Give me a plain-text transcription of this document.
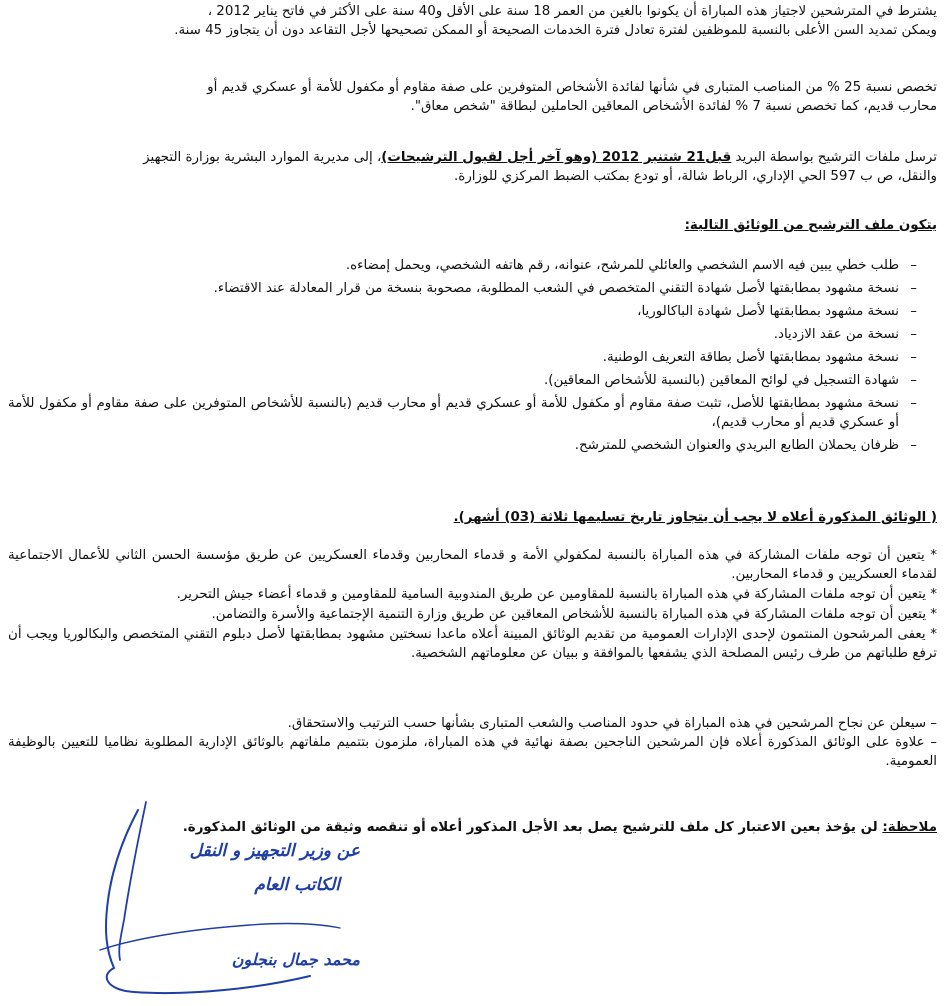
يشترط في المترشحين لاجتياز هذه المباراة أن يكونوا بالغين من العمر 18 سنة على الأقل و40 سنة على الأكثر في فاتح يناير 2012 ،

ويمكن تمديد السن الأعلى بالنسبة للموظفين لفترة تعادل فترة الخدمات الصحيحة أو الممكن تصحيحها لأجل التقاعد دون أن يتجاوز 45 سنة.

تخصص نسبة 25 % من المناصب المتبارى في شأنها لفائدة الأشخاص المتوفرين على صفة مقاوم أو مكفول للأمة أو عسكري قديم أو

محارب قديم، كما تخصص نسبة 7 % لفائدة الأشخاص المعاقين الحاملين لبطاقة "شخص معاق".

ترسل ملفات الترشيح بواسطة البريد قبل21 شتنبر 2012 (وهو آخر أجل لقبول الترشيحات)، إلى مديرية الموارد البشرية بوزارة التجهيز

والنقل، ص ب 597 الحي الإداري، الرباط شالة، أو تودع بمكتب الضبط المركزي للوزارة.

يتكون ملف الترشيح من الوثائق التالية:

– طلب خطي يبين فيه الاسم الشخصي والعائلي للمرشح، عنوانه، رقم هاتفه الشخصي، ويحمل إمضاءه.
– نسخة مشهود بمطابقتها لأصل شهادة التقني المتخصص في الشعب المطلوبة، مصحوبة بنسخة من قرار المعادلة عند الاقتضاء.
– نسخة مشهود بمطابقتها لأصل شهادة الباكالوريا،
– نسخة من عقد الازدياد.
– نسخة مشهود بمطابقتها لأصل بطاقة التعريف الوطنية.
– شهادة التسجيل في لوائح المعاقين (بالنسبة للأشخاص المعاقين).
– نسخة مشهود بمطابقتها للأصل، تثبت صفة مقاوم أو مكفول للأمة أو عسكري قديم أو محارب قديم (بالنسبة للأشخاص المتوفرين على صفة مقاوم أو مكفول للأمة أو عسكري قديم أو محارب قديم)،
– ظرفان يحملان الطابع البريدي والعنوان الشخصي للمترشح.

( الوثائق المذكورة أعلاه لا يجب أن يتجاوز تاريخ تسليمها ثلاثة (03) أشهر).

* يتعين أن توجه ملفات المشاركة في هذه المباراة بالنسبة لمكفولي الأمة و قدماء المحاربين وقدماء العسكريين عن طريق مؤسسة الحسن الثاني للأعمال الاجتماعية لقدماء العسكريين و قدماء المحاربين.

* يتعين أن توجه ملفات المشاركة في هذه المباراة بالنسبة للمقاومين عن طريق المندوبية السامية للمقاومين و قدماء أعضاء جيش التحرير.

* يتعين أن توجه ملفات المشاركة في هذه المباراة بالنسبة للأشخاص المعاقين عن طريق وزارة التنمية الإجتماعية والأسرة والتضامن.

* يعفى المرشحون المنتمون لإحدى الإدارات العمومية من تقديم الوثائق المبينة أعلاه ماعدا نسختين مشهود بمطابقتها لأصل دبلوم التقني المتخصص والبكالوريا ويجب أن ترفع طلباتهم من طرف رئيس المصلحة الذي يشفعها بالموافقة و ببيان عن معلوماتهم الشخصية.

– سيعلن عن نجاح المرشحين في هذه المباراة في حدود المناصب والشعب المتبارى بشأنها حسب الترتيب والاستحقاق.

– علاوة على الوثائق المذكورة أعلاه فإن المرشحين الناجحين بصفة نهائية في هذه المباراة، ملزمون بتتميم ملفاتهم بالوثائق الإدارية المطلوبة نظاميا للتعيين بالوظيفة العمومية.

ملاحظة: لن يؤخذ بعين الاعتبار كل ملف للترشيح يصل بعد الأجل المذكور أعلاه أو تنقصه وثيقة من الوثائق المذكورة.

عن وزير التجهيز و النقل
الكاتب العام
محمد جمال بنجلون
